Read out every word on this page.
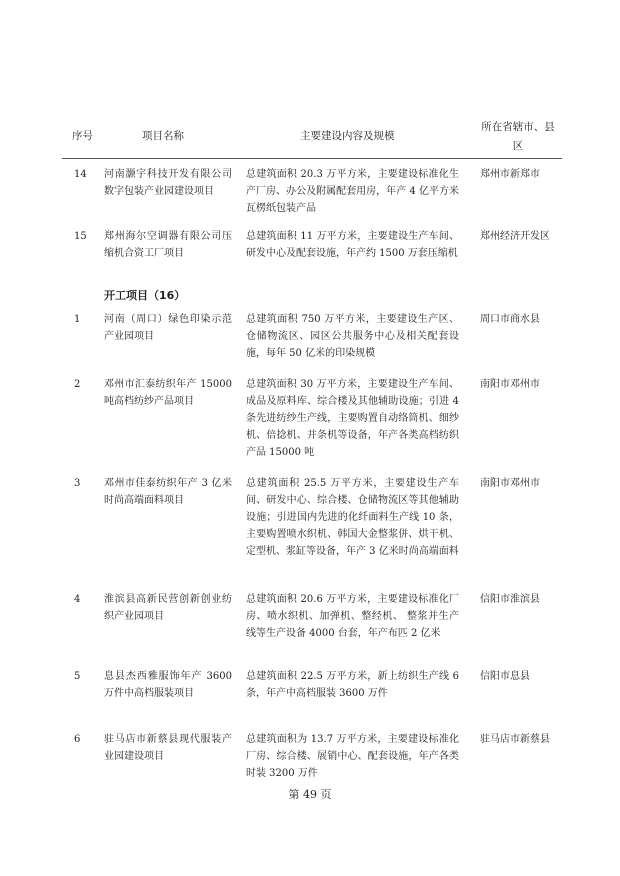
序号	项目名称	主要建设内容及规模
所在省辖市、县区
14 河南灏宇科技开发有限公司数字包装产业园建设项目
总建筑面积 20.3 万平方米，主要建设标准化生产厂房、办公及附属配套用房，年产 4 亿平方米瓦楞纸包装产品
郑州市新郑市
15 郑州海尔空调器有限公司压缩机合资工厂项目
总建筑面积 11 万平方米，主要建设生产车间、研发中心及配套设施，年产约 1500 万套压缩机
郑州经济开发区
开工项目（16）
1 河南（周口）绿色印染示范产业园项目
总建筑面积 750 万平方米，主要建设生产区、仓储物流区、园区公共服务中心及相关配套设施，每年 50 亿米的印染规模
周口市商水县
2 邓州市汇泰纺织年产 15000 吨高档纺纱产品项目
总建筑面积 30 万平方米，主要建设生产车间、成品及原料库、综合楼及其他辅助设施；引进 4 条先进纺纱生产线，主要购置自动络筒机、细纱机、倍捻机、并条机等设备，年产各类高档纺织产品 15000 吨
南阳市邓州市
3 邓州市佳泰纺织年产 3 亿米时尚高端面料项目
总建筑面积 25.5 万平方米，主要建设生产车间、研发中心、综合楼、仓储物流区等其他辅助设施；引进国内先进的化纤面料生产线 10 条，主要购置喷水织机、韩国大金整浆併、烘干机、定型机、浆缸等设备，年产 3 亿米时尚高端面料
南阳市邓州市
4 淮滨县高新民营创新创业纺织产业园项目
总建筑面积 20.6 万平方米，主要建设标准化厂房、喷水织机、加弹机、整经机、 整浆并生产线等生产设备 4000 台套，年产布匹 2 亿米
信阳市淮滨县
5 息县杰西雅服饰年产 3600 万件中高档服装项目
总建筑面积 22.5 万平方米，新上纺织生产线 6 条，年产中高档服装 3600 万件
信阳市息县
6 驻马店市新蔡县现代服装产业园建设项目
总建筑面积为 13.7 万平方米，主要建设标准化厂房、综合楼、展销中心、配套设施，年产各类时装 3200 万件
驻马店市新蔡县
第 49 页
